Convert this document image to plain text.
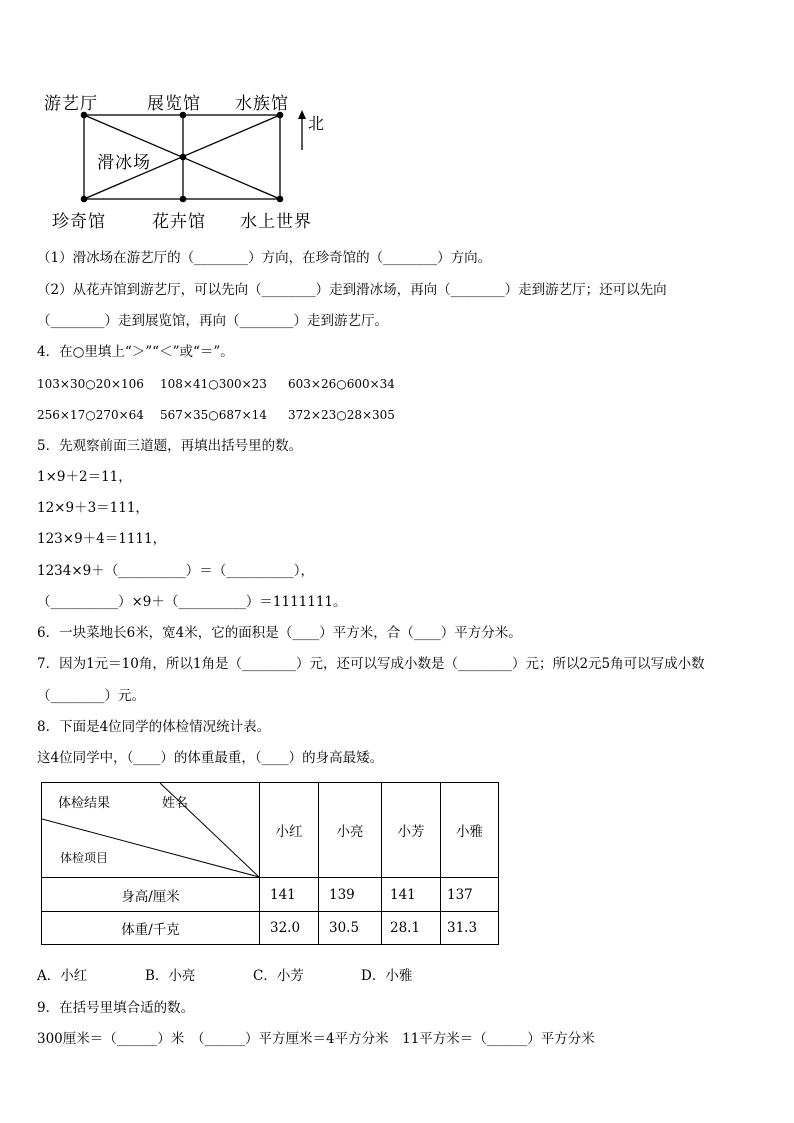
游艺厅	展览馆 水族馆
滑冰场
珍奇馆	花卉馆 水上世界
北
（1）滑冰场在游艺厅的（________）方向，在珍奇馆的（________）方向。
（2）从花卉馆到游艺厅，可以先向（________）走到滑冰场，再向（________）走到游艺厅；还可以先向
（________）走到展览馆，再向（________）走到游艺厅。
4．在○里填上“＞”“＜”或“＝”。
103×30○20×106 108×41○300×23 603×26○600×34
256×17○270×64 567×35○687×14 372×23○28×305
5．先观察前面三道题，再填出括号里的数。
1×9＋2＝11，
12×9＋3＝111，
123×9＋4＝1111，
1234×9＋（__________）＝（__________），
（__________）×9＋（__________）＝1111111。
6．一块菜地长6米，宽4米，它的面积是（____）平方米，合（____）平方分米。
7．因为1元＝10角，所以1角是（________）元，还可以写成小数是（________）元；所以2元5角可以写成小数
（________）元。
8．下面是4位同学的体检情况统计表。
这4位同学中，（____）的体重最重，（____）的身高最矮。
体检结果 姓名
体检项目	小红	小亮	小芳	小雅
身高/厘米	141	139	141	137
体重/千克	32.0	30.5	28.1	31.3
A．小红	B．小亮	C．小芳	D．小雅
9．在括号里填合适的数。
300厘米＝（______）米　（______）平方厘米＝4平方分米　11平方米＝（______）平方分米
